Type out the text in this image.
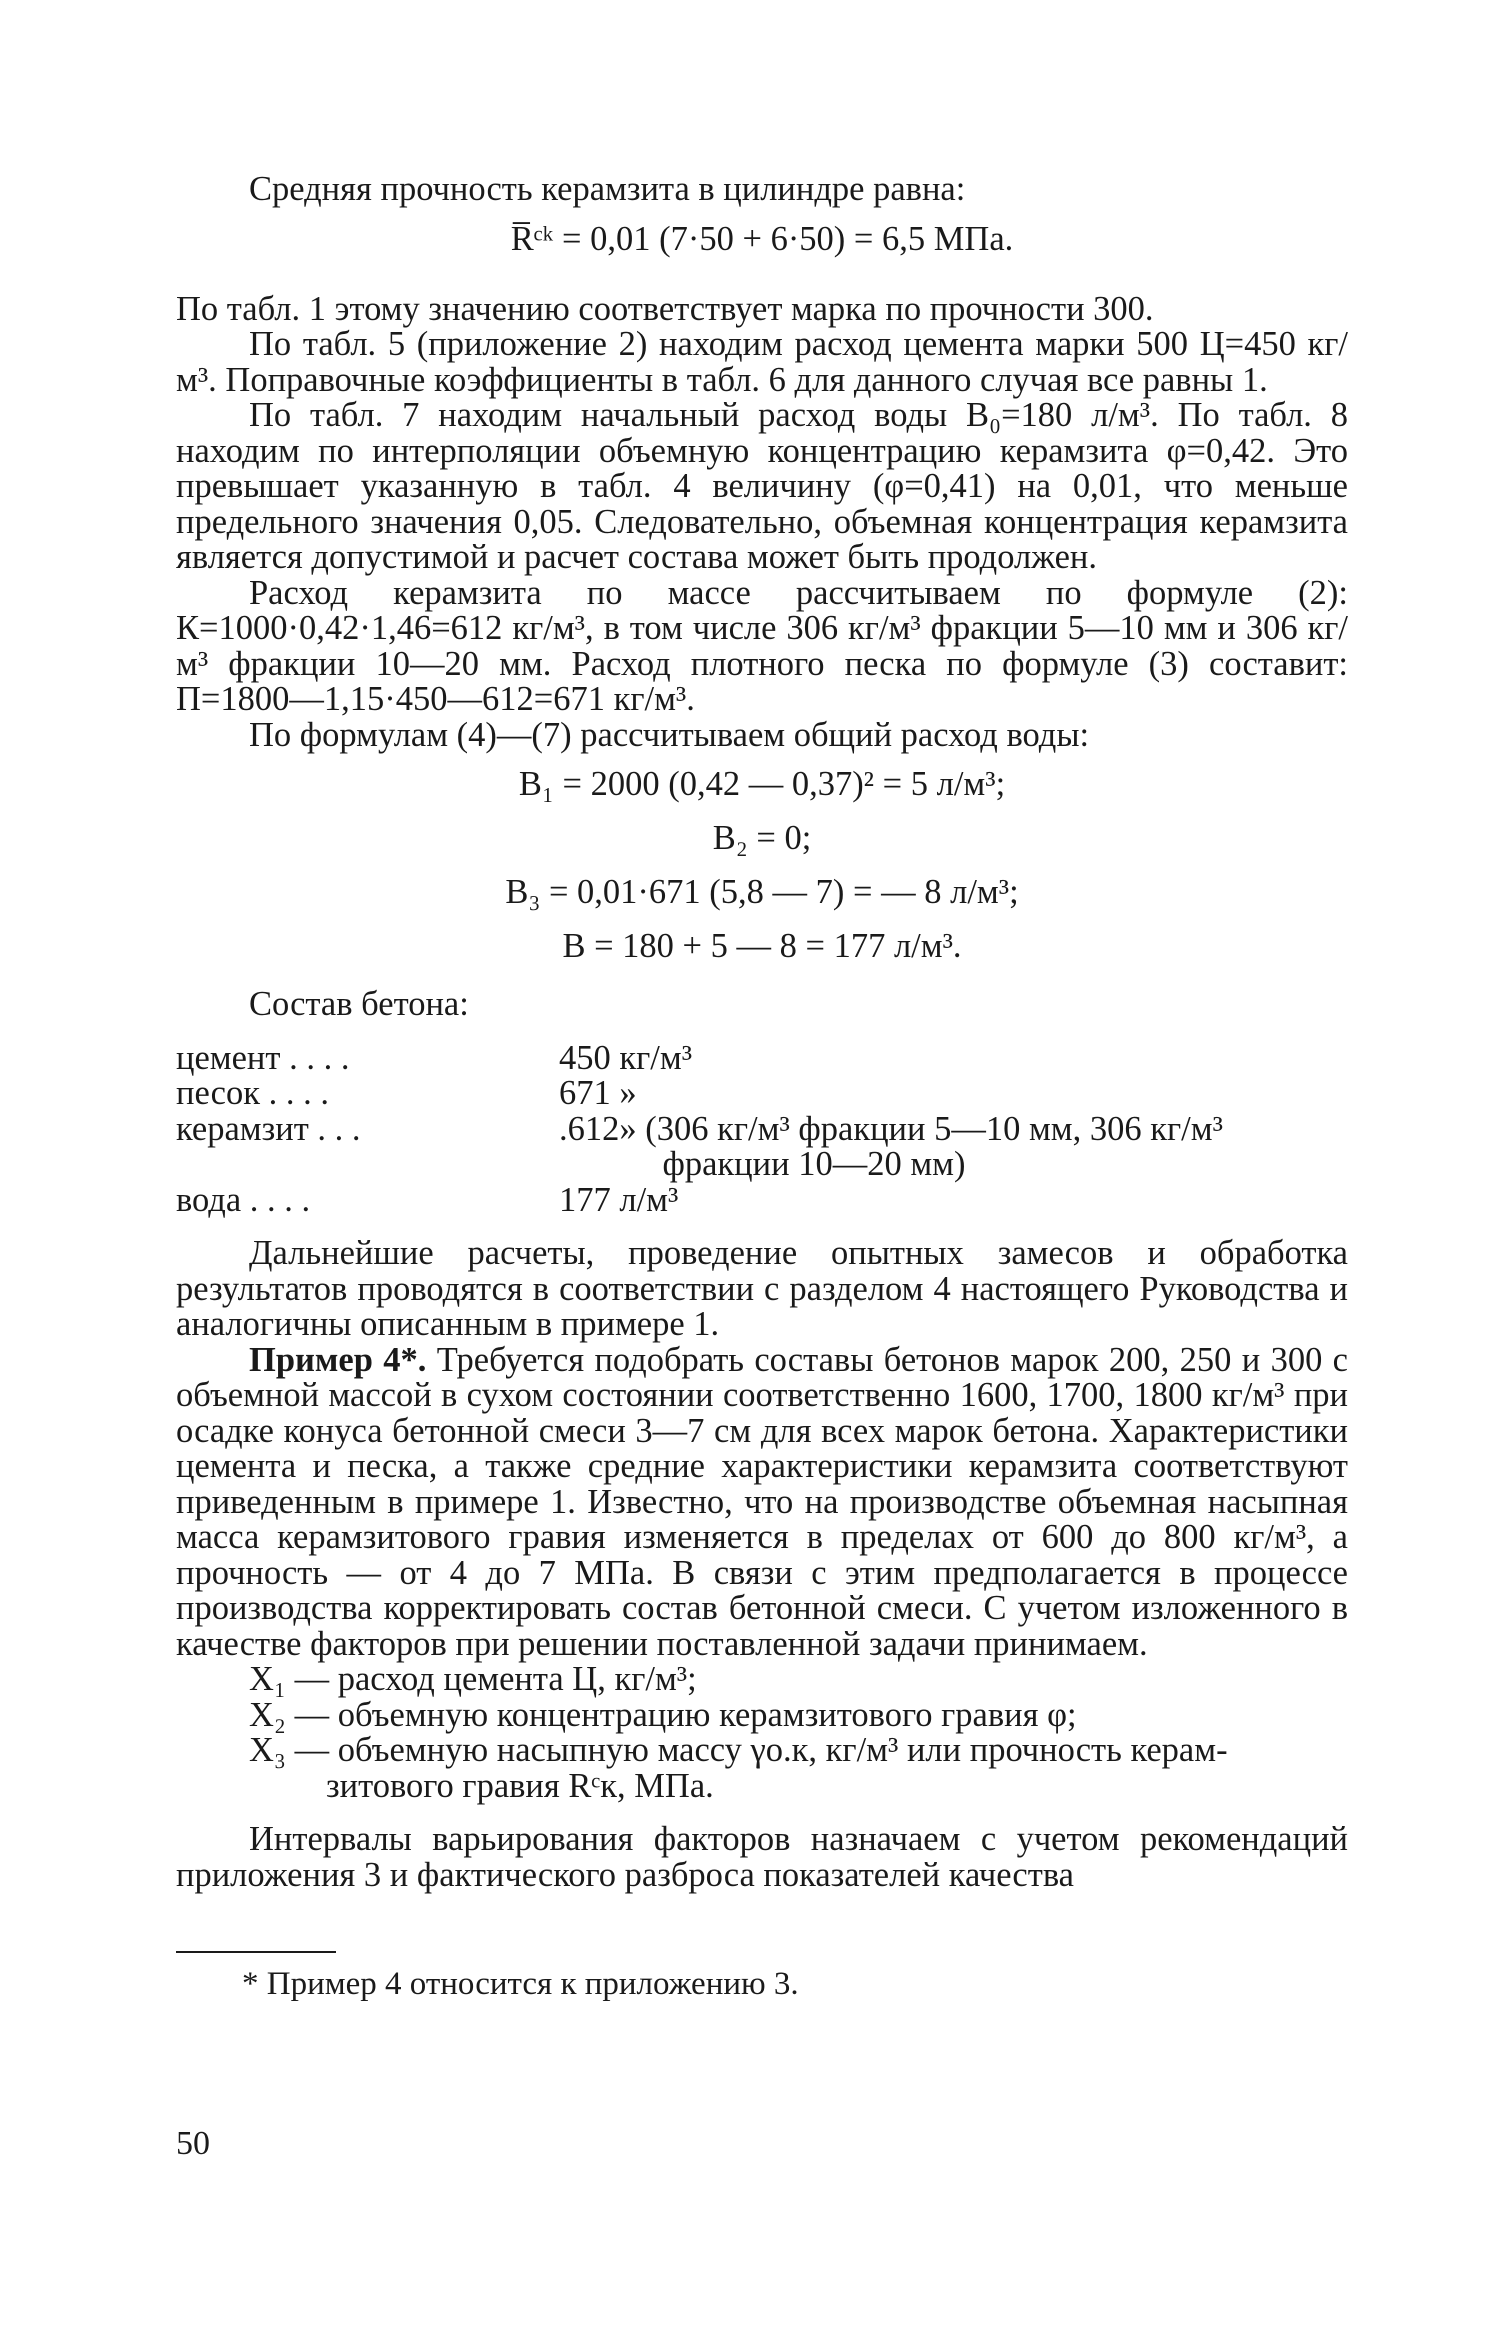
Средняя прочность керамзита в цилиндре равна:

R̅ᶜᵏ = 0,01 (7·50 + 6·50) = 6,5 МПа.

По табл. 1 этому значению соответствует марка по прочности 300.

По табл. 5 (приложение 2) находим расход цемента марки 500 Ц=450 кг/м³. Поправочные коэффициенты в табл. 6 для данного случая все равны 1.

По табл. 7 находим начальный расход воды В₀=180 л/м³. По табл. 8 находим по интерполяции объемную концентрацию керамзита φ=0,42. Это превышает указанную в табл. 4 величину (φ=0,41) на 0,01, что меньше предельного значения 0,05. Следовательно, объемная концентрация керамзита является допустимой и расчет состава может быть продолжен.

Расход керамзита по массе рассчитываем по формуле (2): К=1000·0,42·1,46=612 кг/м³, в том числе 306 кг/м³ фракции 5—10 мм и 306 кг/м³ фракции 10—20 мм. Расход плотного песка по формуле (3) составит: П=1800—1,15·450—612=671 кг/м³.

По формулам (4)—(7) рассчитываем общий расход воды:

В₁ = 2000 (0,42 — 0,37)² = 5 л/м³;

В₂ = 0;

В₃ = 0,01·671 (5,8 — 7) = — 8 л/м³;

В = 180 + 5 — 8 = 177 л/м³.

Состав бетона:

цемент . . . .	450 кг/м³
песок . . . .	671 »
керамзит . . .	.612» (306 кг/м³ фракции 5—10 мм, 306 кг/м³
фракции 10—20 мм)
вода . . . .	177 л/м³

Дальнейшие расчеты, проведение опытных замесов и обработка результатов проводятся в соответствии с разделом 4 настоящего Руководства и аналогичны описанным в примере 1.

Пример 4*. Требуется подобрать составы бетонов марок 200, 250 и 300 с объемной массой в сухом состоянии соответственно 1600, 1700, 1800 кг/м³ при осадке конуса бетонной смеси 3—7 см для всех марок бетона. Характеристики цемента и песка, а также средние характеристики керамзита соответствуют приведенным в примере 1. Известно, что на производстве объемная насыпная масса керамзитового гравия изменяется в пределах от 600 до 800 кг/м³, а прочность — от 4 до 7 МПа. В связи с этим предполагается в процессе производства корректировать состав бетонной смеси. С учетом изложенного в качестве факторов при решении поставленной задачи принимаем.

X₁ — расход цемента Ц, кг/м³;

X₂ — объемную концентрацию керамзитового гравия φ;

X₃ — объемную насыпную массу γо.к, кг/м³ или прочность керам-

зитового гравия Rᶜк, МПа.

Интервалы варьирования факторов назначаем с учетом рекомендаций приложения 3 и фактического разброса показателей качества

* Пример 4 относится к приложению 3.

50
